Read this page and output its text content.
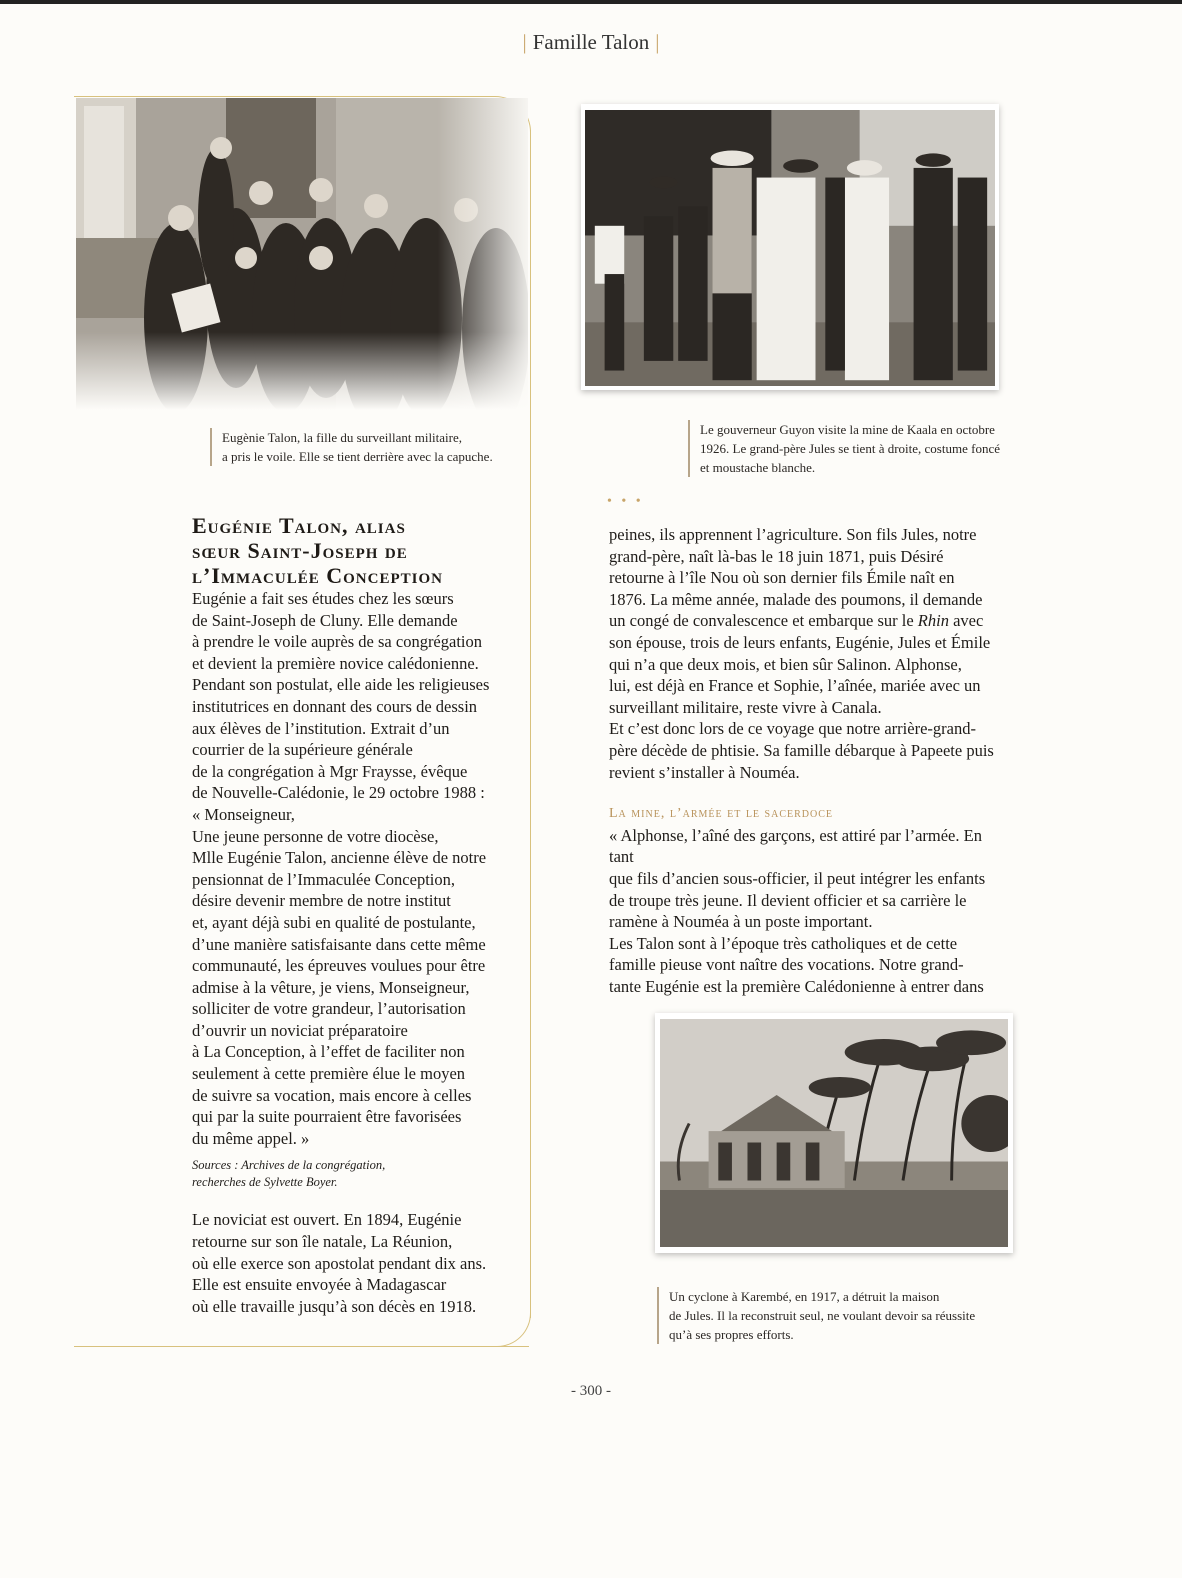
| Famille Talon |
Eugènie Talon, la fille du surveillant militaire,
a pris le voile. Elle se tient derrière avec la capuche.
Eugénie Talon, alias
sœur Saint-Joseph de
l’Immaculée Conception
Eugénie a fait ses études chez les sœurs
de Saint-Joseph de Cluny. Elle demande
à prendre le voile auprès de sa congrégation
et devient la première novice calédonienne.
Pendant son postulat, elle aide les religieuses
institutrices en donnant des cours de dessin
aux élèves de l’institution. Extrait d’un
courrier de la supérieure générale
de la congrégation à Mgr Fraysse, évêque
de Nouvelle-Calédonie, le 29 octobre 1988 :
« Monseigneur,
Une jeune personne de votre diocèse,
Mlle Eugénie Talon, ancienne élève de notre
pensionnat de l’Immaculée Conception,
désire devenir membre de notre institut
et, ayant déjà subi en qualité de postulante,
d’une manière satisfaisante dans cette même
communauté, les épreuves voulues pour être
admise à la vêture, je viens, Monseigneur,
solliciter de votre grandeur, l’autorisation
d’ouvrir un noviciat préparatoire
à La Conception, à l’effet de faciliter non
seulement à cette première élue le moyen
de suivre sa vocation, mais encore à celles
qui par la suite pourraient être favorisées
du même appel. »
Sources : Archives de la congrégation,
recherches de Sylvette Boyer.
Le noviciat est ouvert. En 1894, Eugénie
retourne sur son île natale, La Réunion,
où elle exerce son apostolat pendant dix ans.
Elle est ensuite envoyée à Madagascar
où elle travaille jusqu’à son décès en 1918.
Le gouverneur Guyon visite la mine de Kaala en octobre
1926. Le grand-père Jules se tient à droite, costume foncé
et moustache blanche.
• • •
peines, ils apprennent l’agriculture. Son fils Jules, notre
grand-père, naît là-bas le 18 juin 1871, puis Désiré
retourne à l’île Nou où son dernier fils Émile naît en
1876. La même année, malade des poumons, il demande
un congé de convalescence et embarque sur le Rhin avec
son épouse, trois de leurs enfants, Eugénie, Jules et Émile
qui n’a que deux mois, et bien sûr Salinon. Alphonse,
lui, est déjà en France et Sophie, l’aînée, mariée avec un
surveillant militaire, reste vivre à Canala.
Et c’est donc lors de ce voyage que notre arrière-grand-
père décède de phtisie. Sa famille débarque à Papeete puis
revient s’installer à Nouméa.
La mine, l’armée et le sacerdoce
« Alphonse, l’aîné des garçons, est attiré par l’armée. En tant
que fils d’ancien sous-officier, il peut intégrer les enfants
de troupe très jeune. Il devient officier et sa carrière le
ramène à Nouméa à un poste important.
Les Talon sont à l’époque très catholiques et de cette
famille pieuse vont naître des vocations. Notre grand-
tante Eugénie est la première Calédonienne à entrer dans
Un cyclone à Karembé, en 1917, a détruit la maison
de Jules. Il la reconstruit seul, ne voulant devoir sa réussite
qu’à ses propres efforts.
- 300 -
